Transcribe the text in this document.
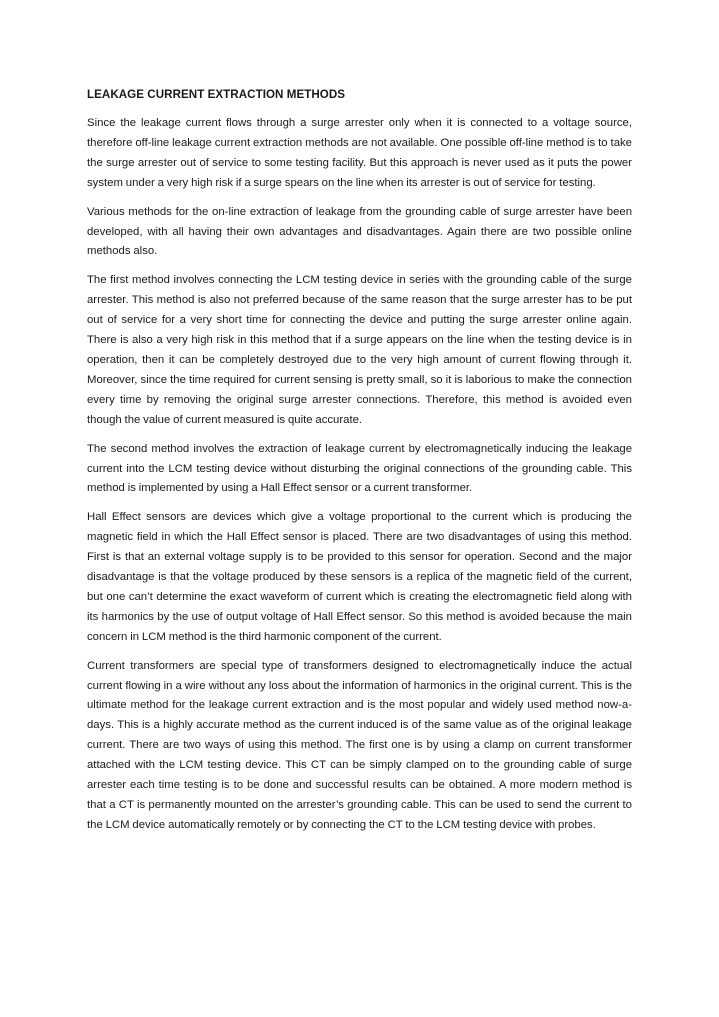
LEAKAGE CURRENT EXTRACTION METHODS

Since the leakage current flows through a surge arrester only when it is connected to a voltage source, therefore off-line leakage current extraction methods are not available. One possible off-line method is to take the surge arrester out of service to some testing facility. But this approach is never used as it puts the power system under a very high risk if a surge spears on the line when its arrester is out of service for testing.

Various methods for the on-line extraction of leakage from the grounding cable of surge arrester have been developed, with all having their own advantages and disadvantages. Again there are two possible online methods also.

The first method involves connecting the LCM testing device in series with the grounding cable of the surge arrester. This method is also not preferred because of the same reason that the surge arrester has to be put out of service for a very short time for connecting the device and putting the surge arrester online again. There is also a very high risk in this method that if a surge appears on the line when the testing device is in operation, then it can be completely destroyed due to the very high amount of current flowing through it. Moreover, since the time required for current sensing is pretty small, so it is laborious to make the connection every time by removing the original surge arrester connections. Therefore, this method is avoided even though the value of current measured is quite accurate.

The second method involves the extraction of leakage current by electromagnetically inducing the leakage current into the LCM testing device without disturbing the original connections of the grounding cable. This method is implemented by using a Hall Effect sensor or a current transformer.

Hall Effect sensors are devices which give a voltage proportional to the current which is producing the magnetic field in which the Hall Effect sensor is placed. There are two disadvantages of using this method. First is that an external voltage supply is to be provided to this sensor for operation. Second and the major disadvantage is that the voltage produced by these sensors is a replica of the magnetic field of the current, but one can’t determine the exact waveform of current which is creating the electromagnetic field along with its harmonics by the use of output voltage of Hall Effect sensor. So this method is avoided because the main concern in LCM method is the third harmonic component of the current.

Current transformers are special type of transformers designed to electromagnetically induce the actual current flowing in a wire without any loss about the information of harmonics in the original current. This is the ultimate method for the leakage current extraction and is the most popular and widely used method now-a-days. This is a highly accurate method as the current induced is of the same value as of the original leakage current. There are two ways of using this method. The first one is by using a clamp on current transformer attached with the LCM testing device. This CT can be simply clamped on to the grounding cable of surge arrester each time testing is to be done and successful results can be obtained. A more modern method is that a CT is permanently mounted on the arrester’s grounding cable. This can be used to send the current to the LCM device automatically remotely or by connecting the CT to the LCM testing device with probes.
